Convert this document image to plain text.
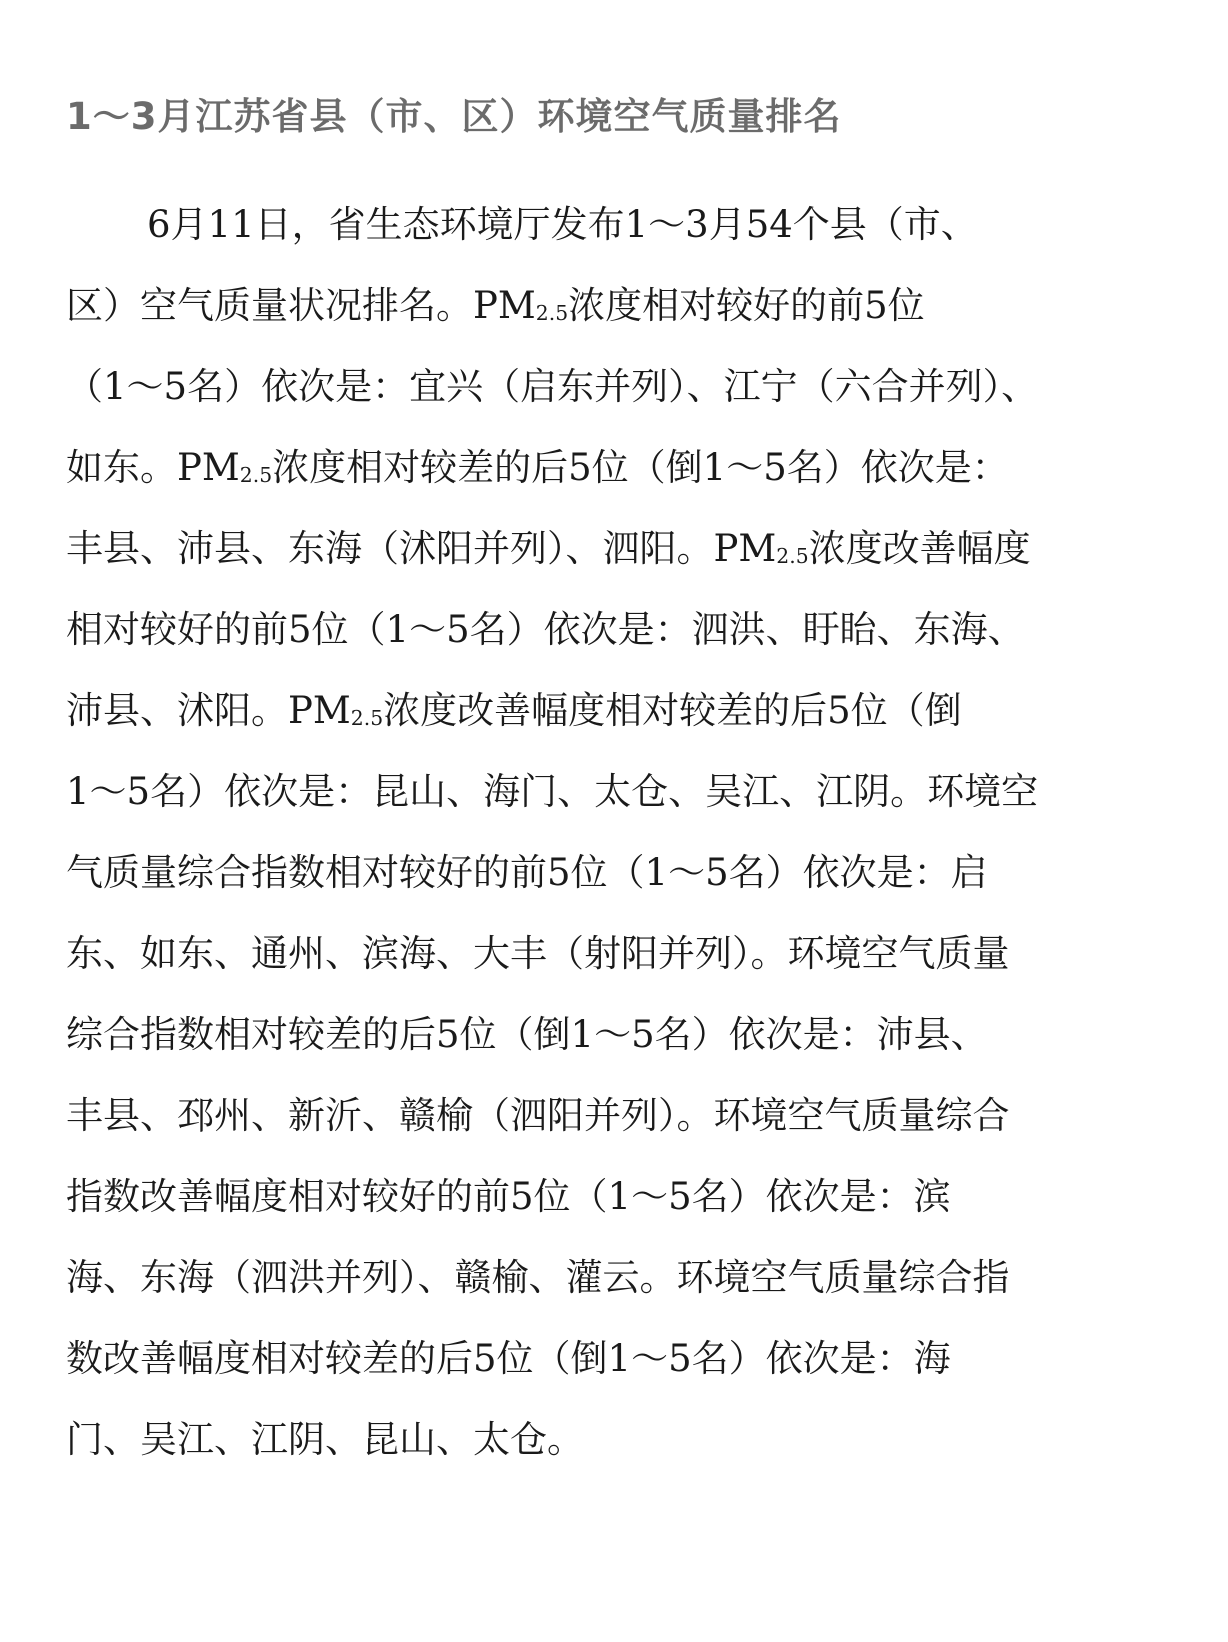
1～3月江苏省县（市、区）环境空气质量排名
6月11日，省生态环境厅发布1～3月54个县（市、
区）空气质量状况排名。PM2.5浓度相对较好的前5位
（1～5名）依次是：宜兴（启东并列）、江宁（六合并列）、
如东。PM2.5浓度相对较差的后5位（倒1～5名）依次是：
丰县、沛县、东海（沭阳并列）、泗阳。PM2.5浓度改善幅度
相对较好的前5位（1～5名）依次是：泗洪、盱眙、东海、
沛县、沭阳。PM2.5浓度改善幅度相对较差的后5位（倒
1～5名）依次是：昆山、海门、太仓、吴江、江阴。环境空
气质量综合指数相对较好的前5位（1～5名）依次是：启
东、如东、通州、滨海、大丰（射阳并列）。环境空气质量
综合指数相对较差的后5位（倒1～5名）依次是：沛县、
丰县、邳州、新沂、赣榆（泗阳并列）。环境空气质量综合
指数改善幅度相对较好的前5位（1～5名）依次是：滨
海、东海（泗洪并列）、赣榆、灌云。环境空气质量综合指
数改善幅度相对较差的后5位（倒1～5名）依次是：海
门、吴江、江阴、昆山、太仓。
